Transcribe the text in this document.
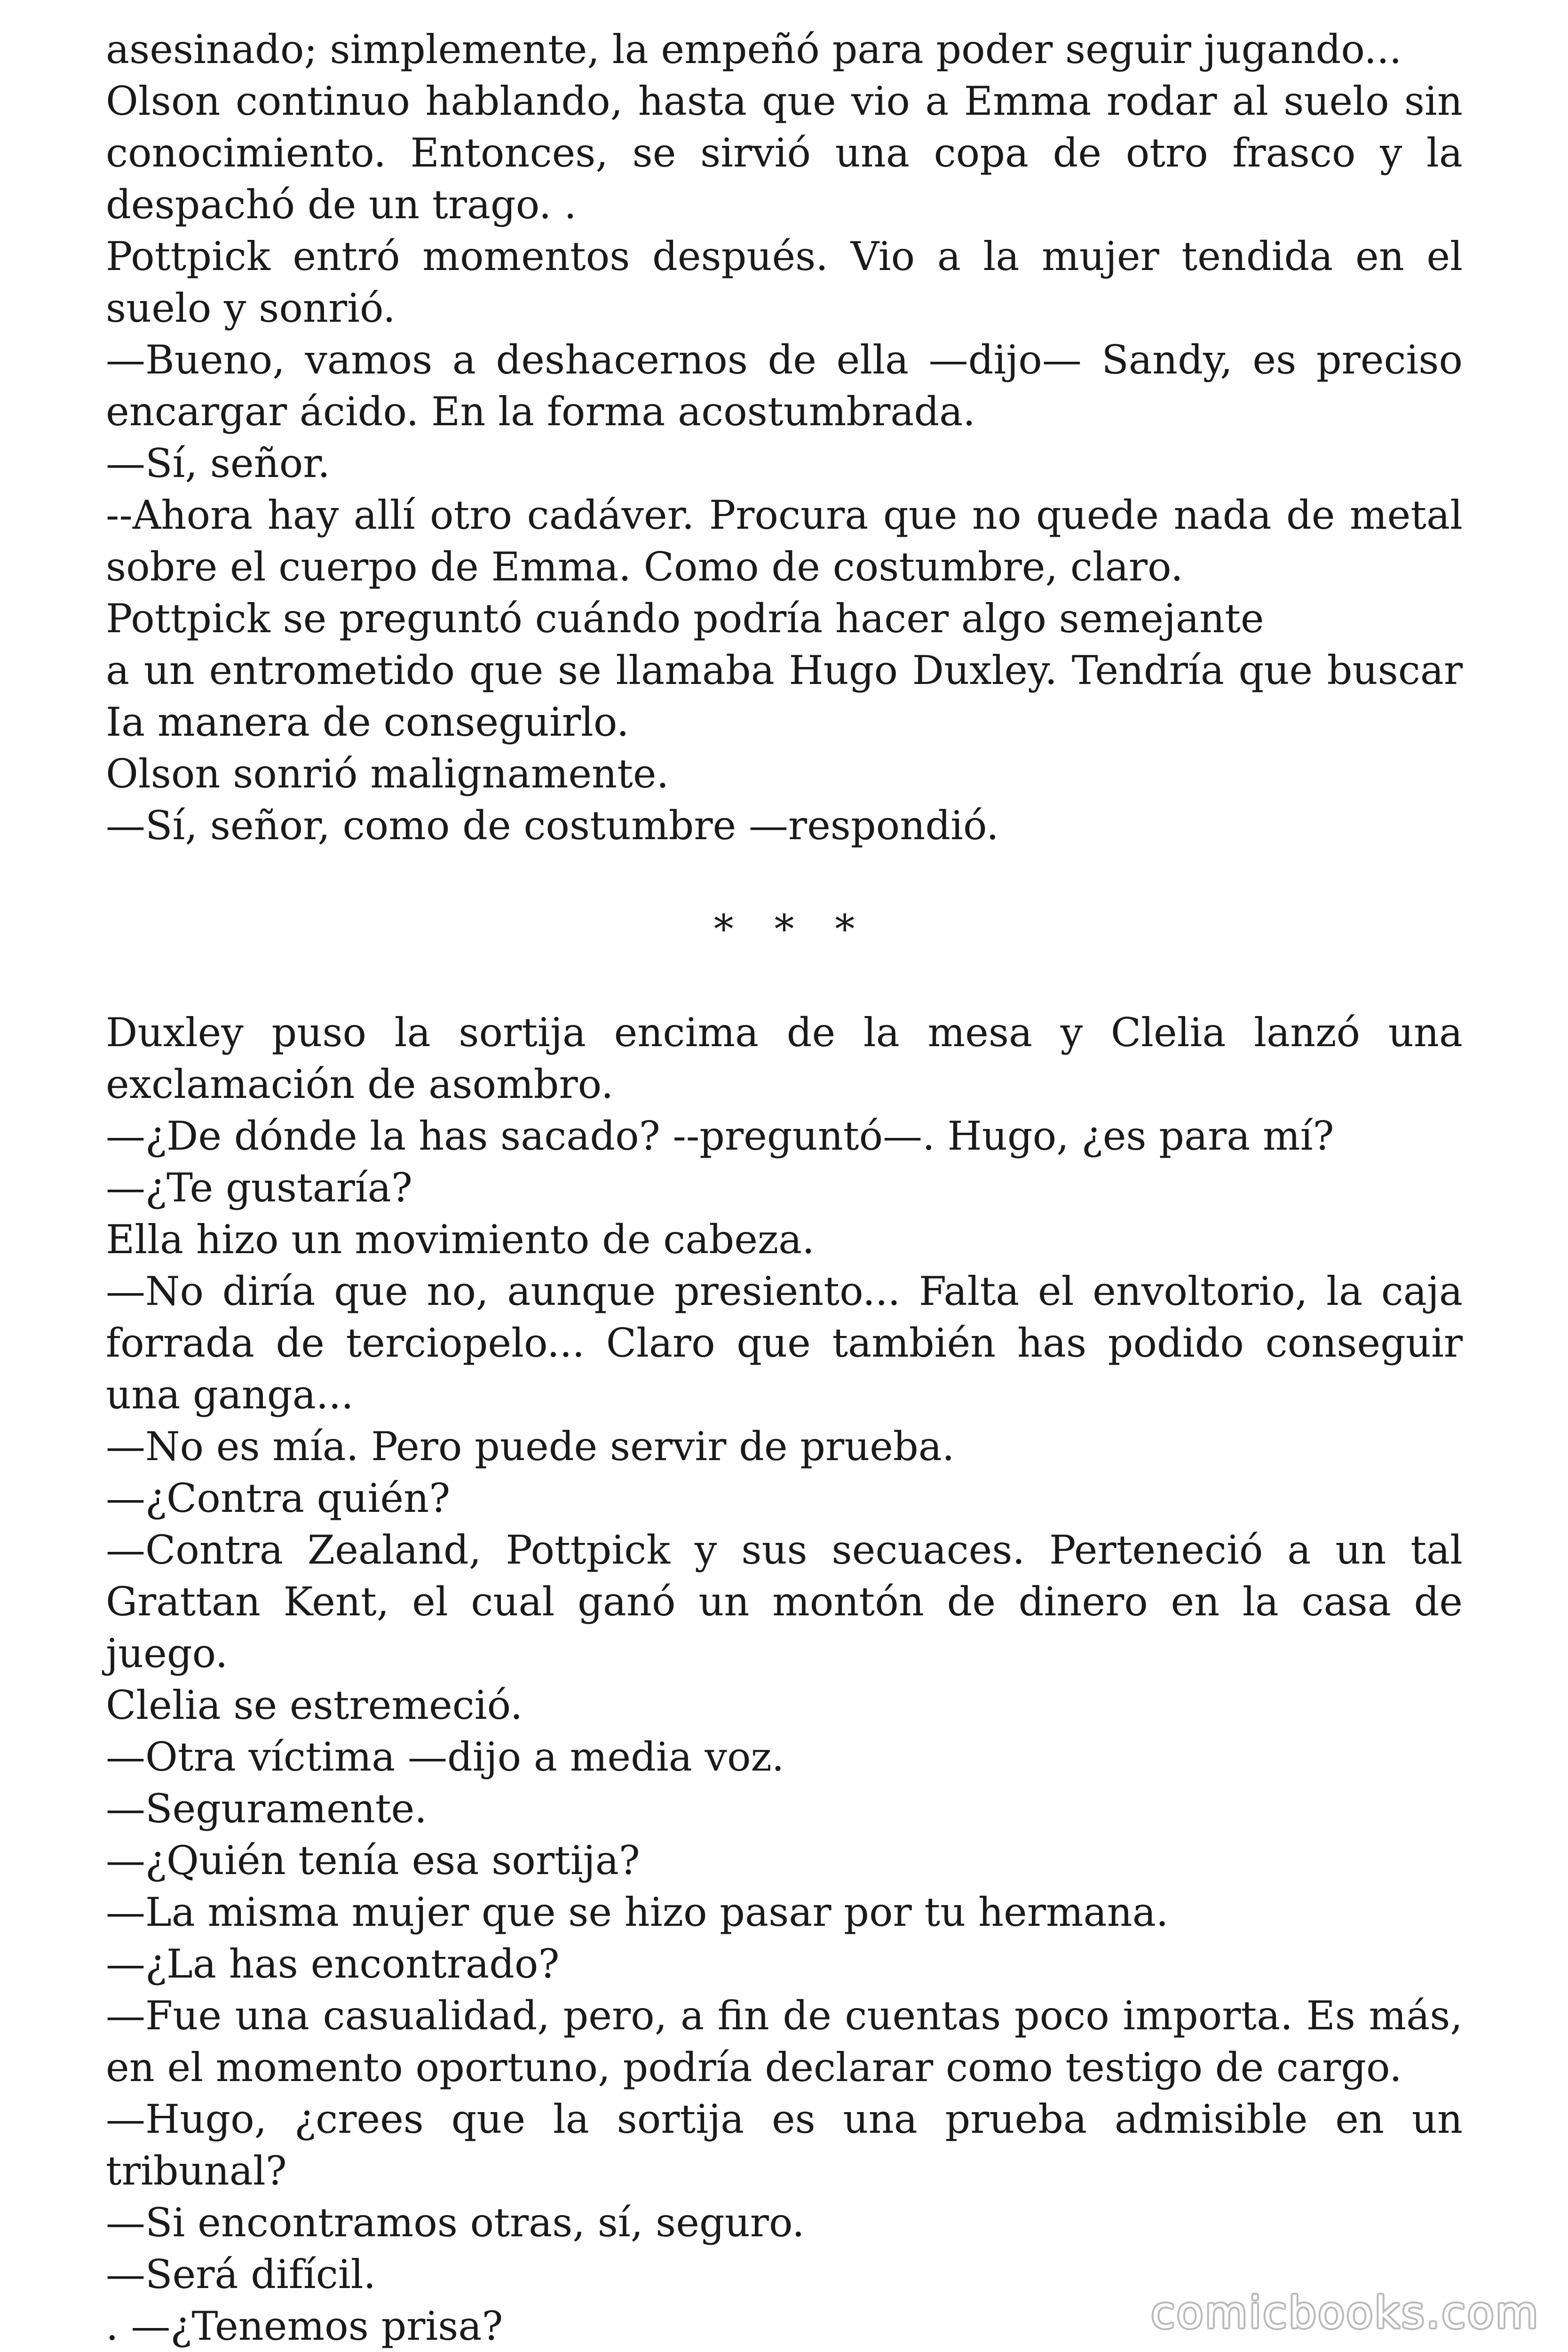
asesinado; simplemente, la empeñó para poder seguir jugando...

Olson continuo hablando, hasta que vio a Emma rodar al suelo sin conocimiento. Entonces, se sirvió una copa de otro frasco y la despachó de un trago. .

Pottpick entró momentos después. Vio a la mujer tendida en el suelo y sonrió.

—Bueno, vamos a deshacernos de ella —dijo— Sandy, es preciso encargar ácido. En la forma acostumbrada.

—Sí, señor.

--Ahora hay allí otro cadáver. Procura que no quede nada de metal sobre el cuerpo de Emma. Como de costumbre, claro.

Pottpick se preguntó cuándo podría hacer algo semejante

a un entrometido que se llamaba Hugo Duxley. Tendría que buscar Ia manera de conseguirlo.

Olson sonrió malignamente.

—Sí, señor, como de costumbre —respondió.

* * *

Duxley puso la sortija encima de la mesa y Clelia lanzó una exclamación de asombro.

—¿De dónde la has sacado? --preguntó—. Hugo, ¿es para mí?

—¿Te gustaría?

Ella hizo un movimiento de cabeza.

—No diría que no, aunque presiento... Falta el envoltorio, la caja forrada de terciopelo... Claro que también has podido conseguir una ganga...

—No es mía. Pero puede servir de prueba.

—¿Contra quién?

—Contra Zealand, Pottpick y sus secuaces. Perteneció a un tal Grattan Kent, el cual ganó un montón de dinero en la casa de juego.

Clelia se estremeció.

—Otra víctima —dijo a media voz.

—Seguramente.

—¿Quién tenía esa sortija?

—La misma mujer que se hizo pasar por tu hermana.

—¿La has encontrado?

—Fue una casualidad, pero, a fin de cuentas poco importa. Es más, en el momento oportuno, podría declarar como testigo de cargo.

—Hugo, ¿crees que la sortija es una prueba admisible en un tribunal?

—Si encontramos otras, sí, seguro.

—Será difícil.

. —¿Tenemos prisa?	comicbooks.com
